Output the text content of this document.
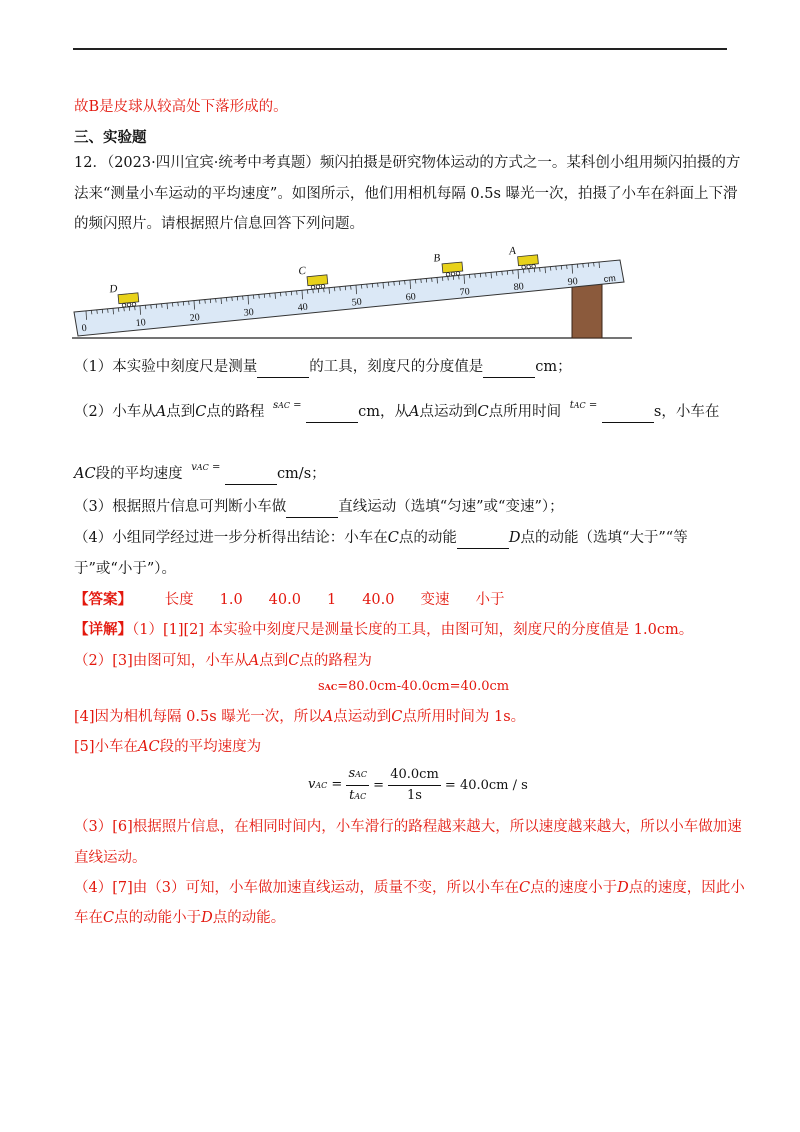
故B是皮球从较高处下落形成的。
三、实验题
12．（2023·四川宜宾·统考中考真题）频闪拍摄是研究物体运动的方式之一。某科创小组用频闪拍摄的方
法来“测量小车运动的平均速度”。如图所示，他们用相机每隔 0.5s 曝光一次，拍摄了小车在斜面上下滑
的频闪照片。请根据照片信息回答下列问题。
0	10	20	30	40	50	60	70	80	90	cm
D
C
B
A
（1）本实验中刻度尺是测量	的工具，刻度尺的分度值是	cm；
（2）小车从A点到C点的路程 sAC =	cm，从A点运动到C点所用时间 tAC =	s，小车在
AC段的平均速度 vAC =	cm/s；
（3）根据照片信息可判断小车做	直线运动（选填“匀速”或“变速”）；
（4）小组同学经过进一步分析得出结论：小车在C点的动能	D点的动能（选填“大于”“等
于”或“小于”）。
【答案】 长度 1.0 40.0 1 40.0 变速 小于
【详解】（1）[1][2] 本实验中刻度尺是测量长度的工具，由图可知，刻度尺的分度值是 1.0cm。
（2）[3]由图可知，小车从A点到C点的路程为
sAC=80.0cm-40.0cm=40.0cm
[4]因为相机每隔 0.5s 曝光一次，所以A点运动到C点所用时间为 1s。
[5]小车在AC段的平均速度为
vAC = $\frac{\text{sAC}}{\text{tAC}} = \frac{40.0cm}{1s} = 40.0cm / s$
（3）[6]根据照片信息，在相同时间内，小车滑行的路程越来越大，所以速度越来越大，所以小车做加速
直线运动。
（4）[7]由（3）可知，小车做加速直线运动，质量不变，所以小车在C点的速度小于D点的速度，因此小
车在C点的动能小于D点的动能。
